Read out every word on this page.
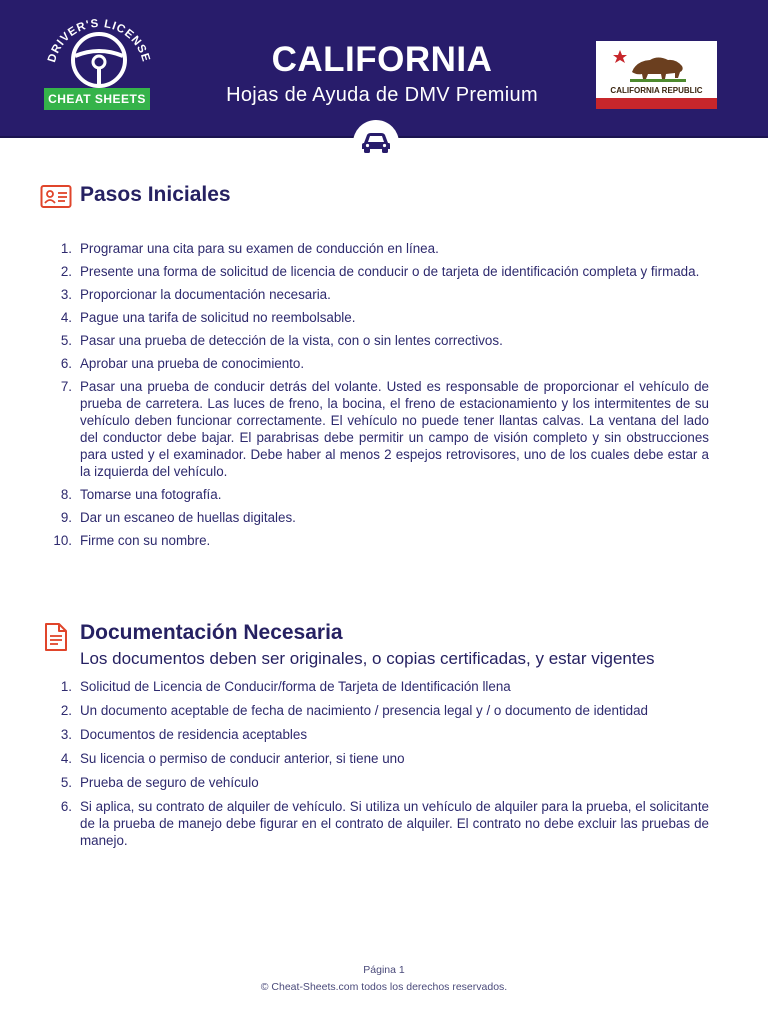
DRIVER'S LICENSE
CHEAT SHEETS
CALIFORNIA
Hojas de Ayuda de DMV Premium	CALIFORNIA REPUBLIC
Pasos Iniciales
1. Programar una cita para su examen de conducción en línea.
2. Presente una forma de solicitud de licencia de conducir o de tarjeta de identificación completa y firmada.
3. Proporcionar la documentación necesaria.
4. Pague una tarifa de solicitud no reembolsable.
5. Pasar una prueba de detección de la vista, con o sin lentes correctivos.
6. Aprobar una prueba de conocimiento.
7. Pasar una prueba de conducir detrás del volante. Usted es responsable de proporcionar el vehículo de prueba de carretera. Las luces de freno, la bocina, el freno de estacionamiento y los intermitentes de su vehículo deben funcionar correctamente. El vehículo no puede tener llantas calvas. La ventana del lado del conductor debe bajar. El parabrisas debe permitir un campo de visión completo y sin obstrucciones para usted y el examinador. Debe haber al menos 2 espejos retrovisores, uno de los cuales debe estar a la izquierda del vehículo.
8. Tomarse una fotografía.
9. Dar un escaneo de huellas digitales.
10. Firme con su nombre.
Documentación Necesaria
Los documentos deben ser originales, o copias certificadas, y estar vigentes
1. Solicitud de Licencia de Conducir/forma de Tarjeta de Identificación llena
2. Un documento aceptable de fecha de nacimiento / presencia legal y / o documento de identidad
3. Documentos de residencia aceptables
4. Su licencia o permiso de conducir anterior, si tiene uno
5. Prueba de seguro de vehículo
6. Si aplica, su contrato de alquiler de vehículo. Si utiliza un vehículo de alquiler para la prueba, el solicitante de la prueba de manejo debe figurar en el contrato de alquiler. El contrato no debe excluir las pruebas de manejo.
Página 1
© Cheat-Sheets.com todos los derechos reservados.
